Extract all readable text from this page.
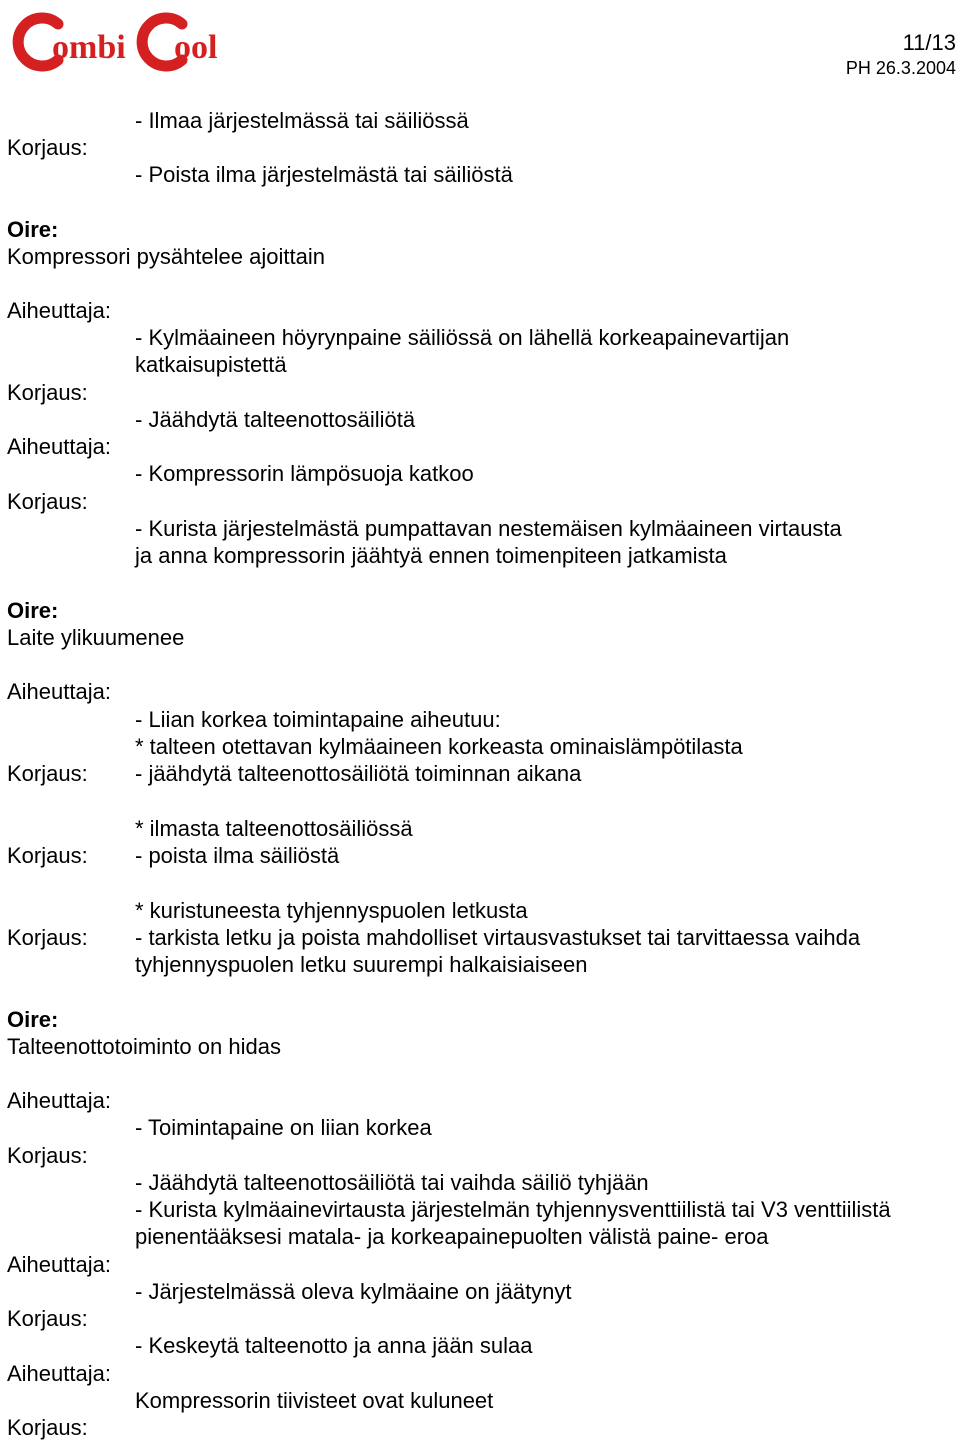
ombi ool	11/13
PH 26.3.2004
- Ilmaa järjestelmässä tai säiliössä
Korjaus:
- Poista ilma järjestelmästä tai säiliöstä
Oire:
Kompressori pysähtelee ajoittain
Aiheuttaja:
- Kylmäaineen höyrynpaine säiliössä on lähellä korkeapainevartijan
katkaisupistettä
Korjaus:
- Jäähdytä talteenottosäiliötä
Aiheuttaja:
- Kompressorin lämpösuoja katkoo
Korjaus:
- Kurista järjestelmästä pumpattavan nestemäisen kylmäaineen virtausta
ja anna kompressorin jäähtyä ennen toimenpiteen jatkamista
Oire:
Laite ylikuumenee
Aiheuttaja:
- Liian korkea toimintapaine aiheutuu:
* talteen otettavan kylmäaineen korkeasta ominaislämpötilasta
Korjaus: - jäähdytä talteenottosäiliötä toiminnan aikana
* ilmasta talteenottosäiliössä
Korjaus: - poista ilma säiliöstä
* kuristuneesta tyhjennyspuolen letkusta
Korjaus: - tarkista letku ja poista mahdolliset virtausvastukset tai tarvittaessa vaihda
tyhjennyspuolen letku suurempi halkaisiaiseen
Oire:
Talteenottotoiminto on hidas
Aiheuttaja:
- Toimintapaine on liian korkea
Korjaus:
- Jäähdytä talteenottosäiliötä tai vaihda säiliö tyhjään
- Kurista kylmäainevirtausta järjestelmän tyhjennysventtiilistä tai V3 venttiilistä
pienentääksesi matala- ja korkeapainepuolten välistä paine- eroa
Aiheuttaja:
- Järjestelmässä oleva kylmäaine on jäätynyt
Korjaus:
- Keskeytä talteenotto ja anna jään sulaa
Aiheuttaja:
Kompressorin tiivisteet ovat kuluneet
Korjaus:
